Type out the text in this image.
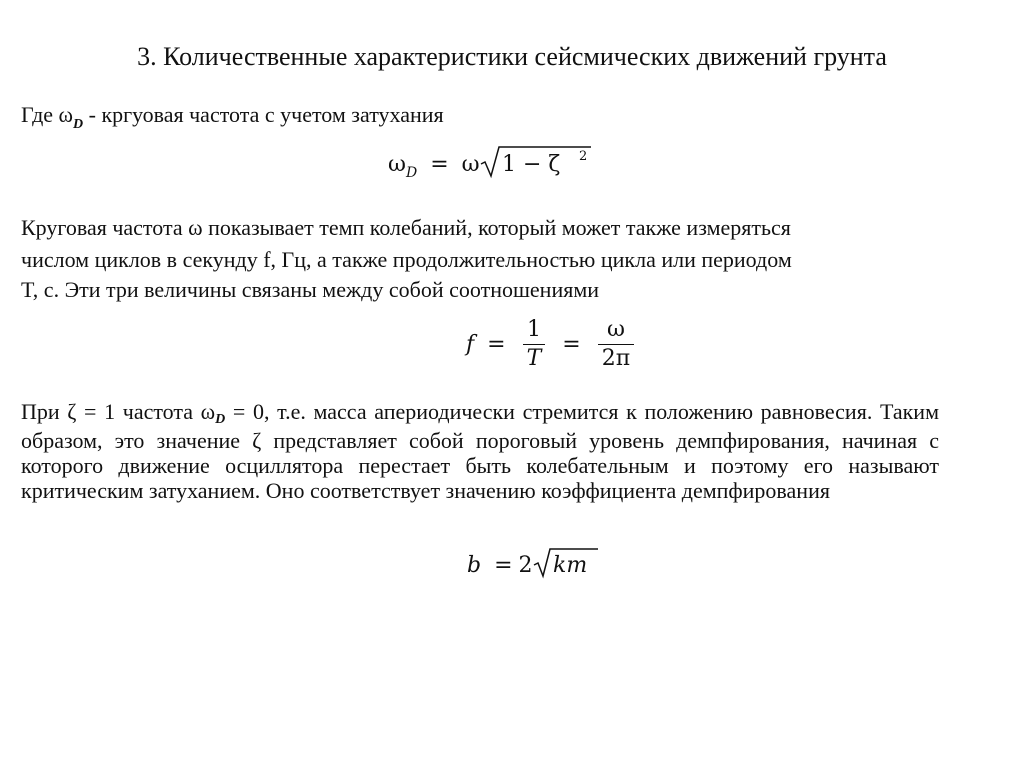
3. Количественные характеристики сейсмических движений грунта
Где $\omega_D$ - кргуовая частота с учетом затухания
$\omega_D = \omega$ 1 − ζ 2
Круговая частота ω показывает темп колебаний, который может также измеряться
числом циклов в секунду f, Гц, а также продолжительностью цикла или периодом
T, с. Эти три величины связаны между собой соотношениями
$f = \frac{1}{T} = \frac{\omega}{2\pi}$
При ζ = 1 частота ωD = 0, т.е. масса апериодически стремится к положению равновесия. Таким образом, это значение ζ представляет собой пороговый уровень демпфирования, начиная с которого движение осциллятора перестает быть колебательным и поэтому его называют критическим затуханием. Оно соответствует значению коэффициента демпфирования
b = 2 km
